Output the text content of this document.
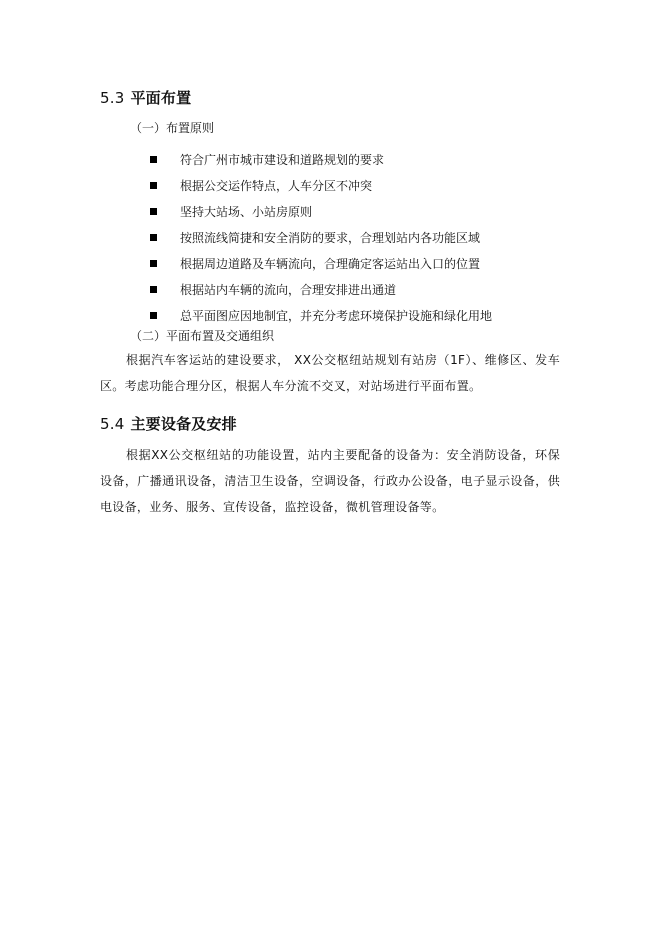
5.3 平面布置
（一）布置原则
符合广州市城市建设和道路规划的要求
根据公交运作特点，人车分区不冲突
坚持大站场、小站房原则
按照流线简捷和安全消防的要求，合理划站内各功能区域
根据周边道路及车辆流向，合理确定客运站出入口的位置
根据站内车辆的流向，合理安排进出通道
总平面图应因地制宜，并充分考虑环境保护设施和绿化用地
（二）平面布置及交通组织

根据汽车客运站的建设要求， XX公交枢纽站规划有站房（1F）、维修区、发车区。考虑功能合理分区，根据人车分流不交叉，对站场进行平面布置。

5.4 主要设备及安排

根据XX公交枢纽站的功能设置，站内主要配备的设备为：安全消防设备，环保设备，广播通讯设备，清洁卫生设备，空调设备，行政办公设备，电子显示设备，供电设备，业务、服务、宣传设备，监控设备，微机管理设备等。
